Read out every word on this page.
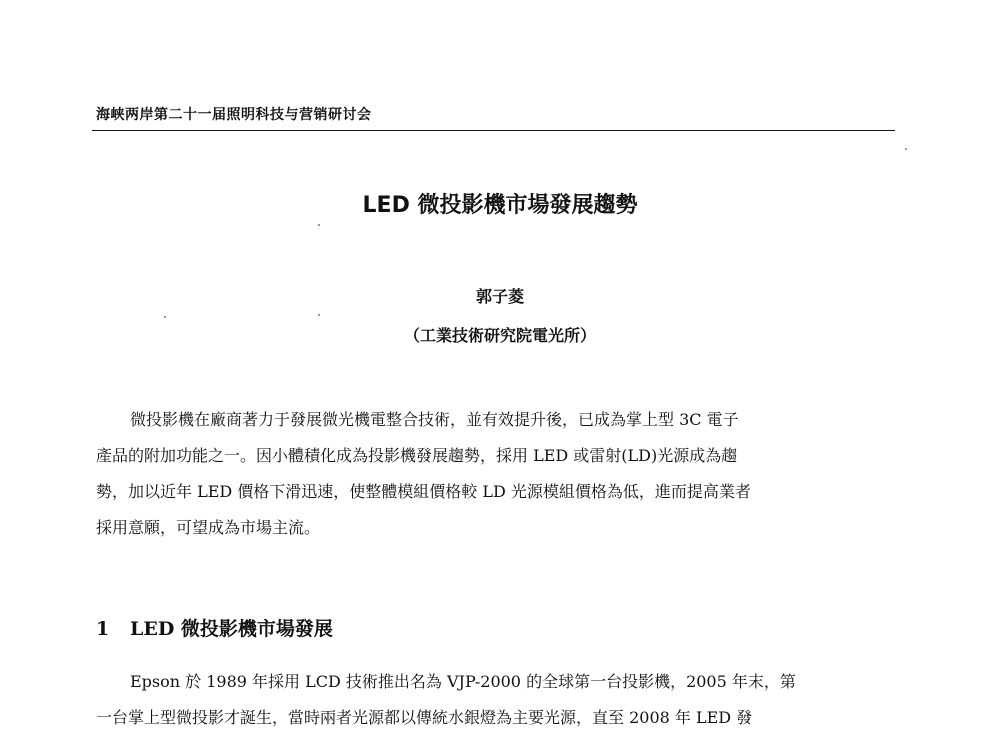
海峡两岸第二十一届照明科技与营销研讨会
LED 微投影機市場發展趨勢
郭子菱
（工業技術研究院電光所）
微投影機在廠商著力于發展微光機電整合技術，並有效提升後，已成為掌上型 3C 電子
產品的附加功能之一。因小體積化成為投影機發展趨勢，採用 LED 或雷射(LD)光源成為趨
勢，加以近年 LED 價格下滑迅速，使整體模組價格較 LD 光源模組價格為低，進而提高業者
採用意願，可望成為市場主流。
1 LED 微投影機市場發展
Epson 於 1989 年採用 LCD 技術推出名為 VJP-2000 的全球第一台投影機，2005 年末，第
一台掌上型微投影才誕生，當時兩者光源都以傳統水銀燈為主要光源，直至 2008 年 LED 發
